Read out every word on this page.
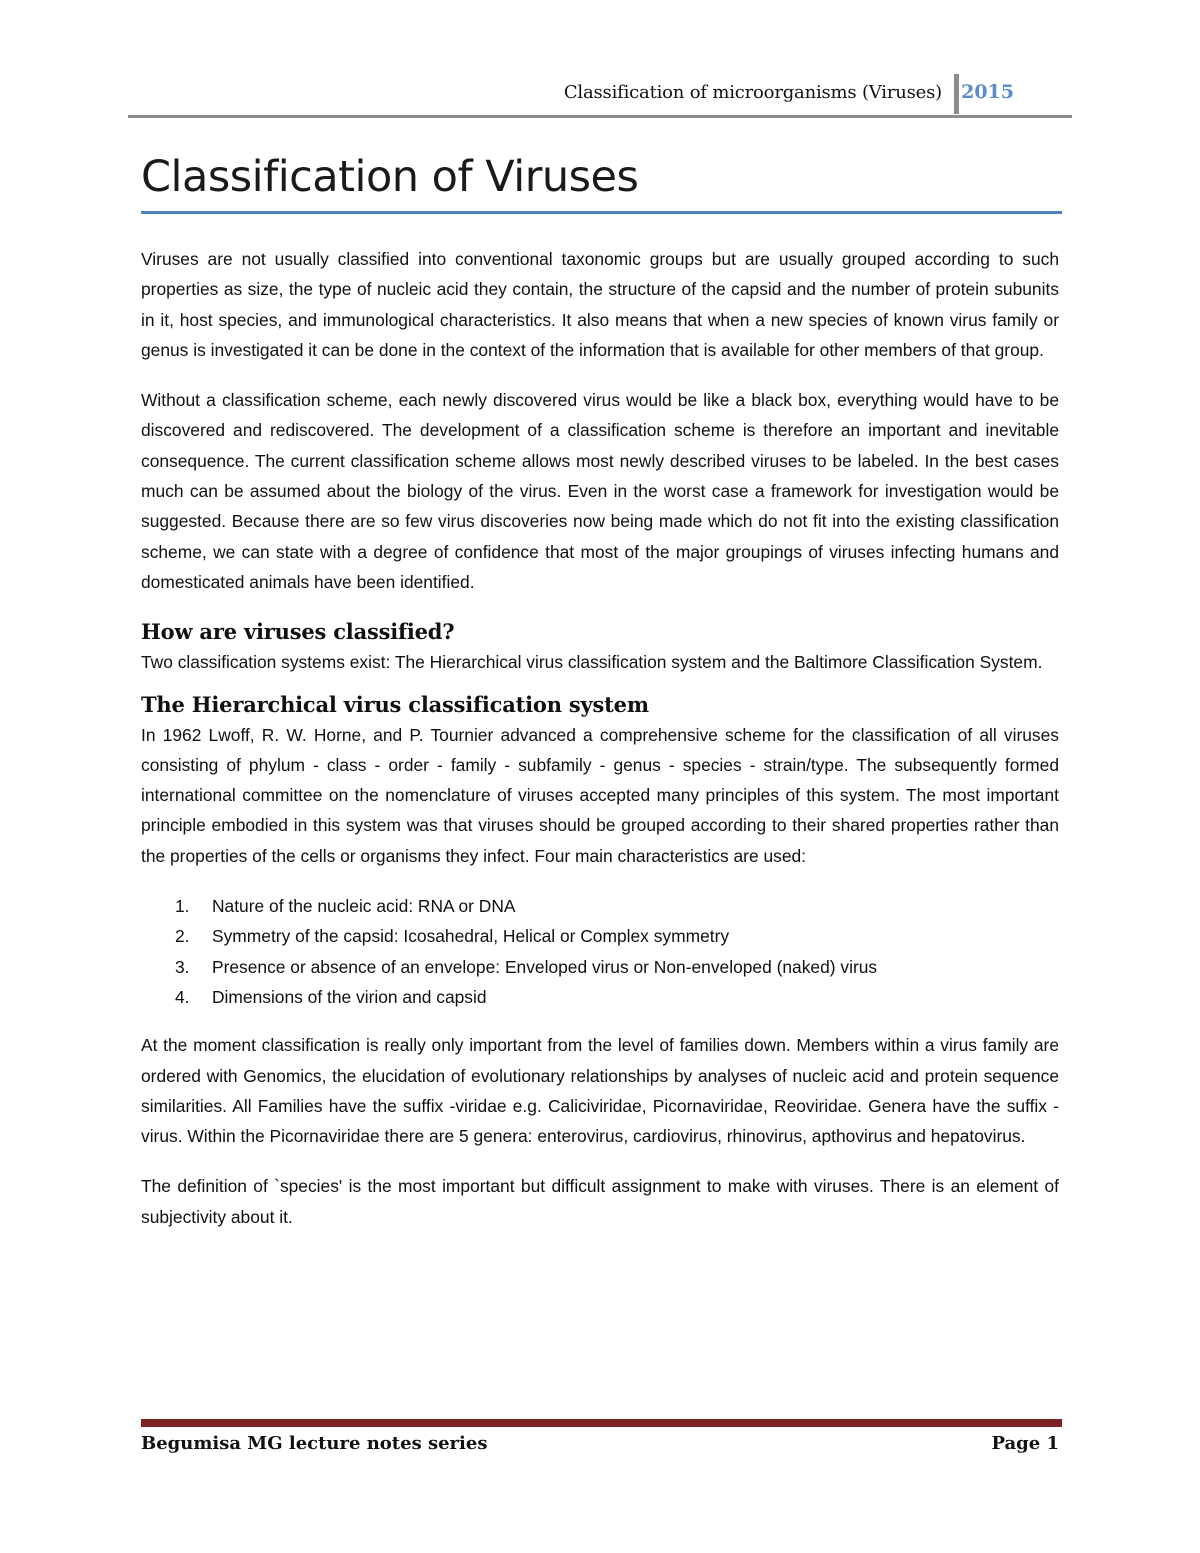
Classification of microorganisms (Viruses) 2015
Classification of Viruses

Viruses are not usually classified into conventional taxonomic groups but are usually grouped according to such properties as size, the type of nucleic acid they contain, the structure of the capsid and the number of protein subunits in it, host species, and immunological characteristics. It also means that when a new species of known virus family or genus is investigated it can be done in the context of the information that is available for other members of that group.

Without a classification scheme, each newly discovered virus would be like a black box, everything would have to be discovered and rediscovered. The development of a classification scheme is therefore an important and inevitable consequence. The current classification scheme allows most newly described viruses to be labeled. In the best cases much can be assumed about the biology of the virus. Even in the worst case a framework for investigation would be suggested. Because there are so few virus discoveries now being made which do not fit into the existing classification scheme, we can state with a degree of confidence that most of the major groupings of viruses infecting humans and domesticated animals have been identified.

How are viruses classified?

Two classification systems exist: The Hierarchical virus classification system and the Baltimore Classification System.

The Hierarchical virus classification system

In 1962 Lwoff, R. W. Horne, and P. Tournier advanced a comprehensive scheme for the classification of all viruses consisting of phylum - class - order - family - subfamily - genus - species - strain/type. The subsequently formed international committee on the nomenclature of viruses accepted many principles of this system. The most important principle embodied in this system was that viruses should be grouped according to their shared properties rather than the properties of the cells or organisms they infect. Four main characteristics are used:

1. Nature of the nucleic acid: RNA or DNA
2. Symmetry of the capsid: Icosahedral, Helical or Complex symmetry
3. Presence or absence of an envelope: Enveloped virus or Non-enveloped (naked) virus
4. Dimensions of the virion and capsid

At the moment classification is really only important from the level of families down. Members within a virus family are ordered with Genomics, the elucidation of evolutionary relationships by analyses of nucleic acid and protein sequence similarities. All Families have the suffix -viridae e.g. Caliciviridae, Picornaviridae, Reoviridae. Genera have the suffix -virus. Within the Picornaviridae there are 5 genera: enterovirus, cardiovirus, rhinovirus, apthovirus and hepatovirus.

The definition of `species' is the most important but difficult assignment to make with viruses. There is an element of subjectivity about it.

Begumisa MG lecture notes series	Page 1
